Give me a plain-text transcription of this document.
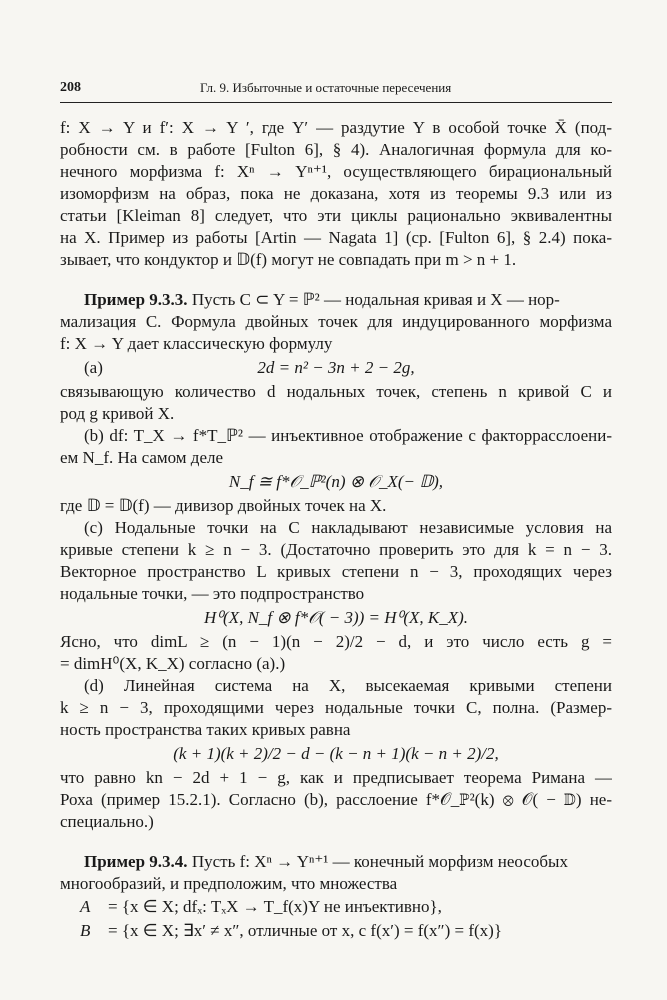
208	Гл. 9. Избыточные и остаточные пересечения
f: X → Y и f′: X → Y ′, где Y′ — раздутие Y в особой точке X̄ (под-
робности см. в работе [Fulton 6], § 4). Аналогичная формула для ко-
нечного морфизма f: Xⁿ → Yⁿ⁺¹, осуществляющего бирациональный
изоморфизм на образ, пока не доказана, хотя из теоремы 9.3 или из
статьи [Kleiman 8] следует, что эти циклы рационально эквивалентны
на X. Пример из работы [Artin — Nagata 1] (ср. [Fulton 6], § 2.4) пока-
зывает, что кондуктор и 𝔻(f) могут не совпадать при m > n + 1.
Пример 9.3.3. Пусть C ⊂ Y = ℙ² — нодальная кривая и X — нор-
мализация C. Формула двойных точек для индуцированного морфизма
f: X → Y дает классическую формулу
(a)	2d = n² − 3n + 2 − 2g,
связывающую количество d нодальных точек, степень n кривой C и
род g кривой X.
(b) df: T_X → f*T_ℙ² — инъективное отображение с факторрасслоени-
ем N_f. На самом деле
N_f ≅ f*𝒪_ℙ²(n) ⊗ 𝒪_X(− 𝔻),
где 𝔻 = 𝔻(f) — дивизор двойных точек на X.
(c) Нодальные точки на C накладывают независимые условия на
кривые степени k ≥ n − 3. (Достаточно проверить это для k = n − 3.
Векторное пространство L кривых степени n − 3, проходящих через
нодальные точки, — это подпространство
H⁰(X, N_f ⊗ f*𝒪( − 3)) = H⁰(X, K_X).
Ясно, что dimL ≥ (n − 1)(n − 2)/2 − d, и это число есть g =
= dimH⁰(X, K_X) согласно (a).)
(d) Линейная система на X, высекаемая кривыми степени
k ≥ n − 3, проходящими через нодальные точки C, полна. (Размер-
ность пространства таких кривых равна
(k + 1)(k + 2)/2 − d − (k − n + 1)(k − n + 2)/2,
что равно kn − 2d + 1 − g, как и предписывает теорема Римана —
Роха (пример 15.2.1). Согласно (b), расслоение f*𝒪_ℙ²(k) ⊗ 𝒪( − 𝔻) не-
специально.)
Пример 9.3.4. Пусть f: Xⁿ → Yⁿ⁺¹ — конечный морфизм неособых
многообразий, и предположим, что множества
A = {x ∈ X; dfₓ: TₓX → T_f(x)Y не инъективно},
B = {x ∈ X; ∃x′ ≠ x″, отличные от x, с f(x′) = f(x″) = f(x)}
